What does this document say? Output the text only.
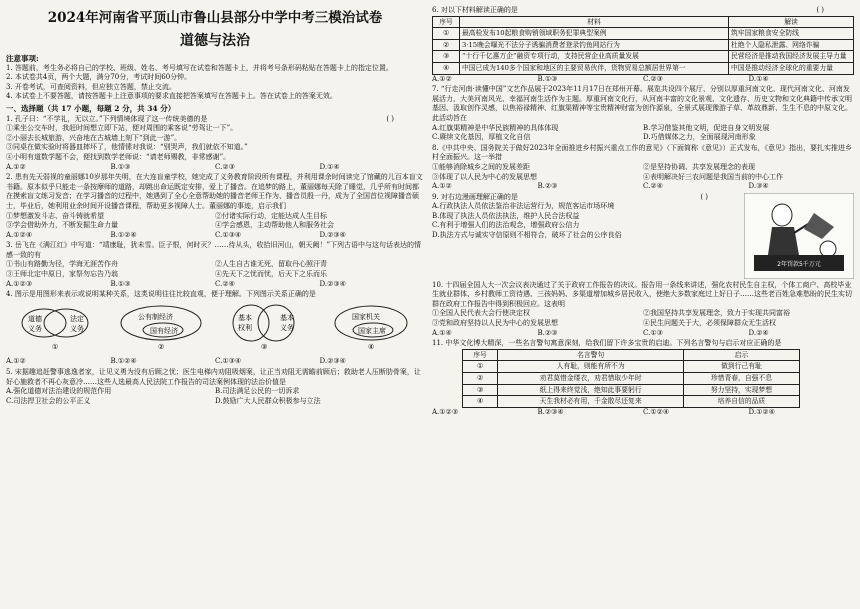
2024年河南省平顶山市鲁山县部分中学中考三模治试卷
道德与法治
注意事项:
1. 答题前，考生务必将自己的学校、班级、姓名、考号填写在试卷和答题卡上，并将考号条形码粘贴在答题卡上的指定位置。
2. 本试卷共4页，两个大题，满分70分，考试时间60分钟。
3. 开卷考试，可查阅资料，但应独立答题，禁止交流。
4. 本试卷上不要答题，请按答题卡上注意事项的要求直接把答案填写在答题卡上。答在试卷上的答案无效。
一、选择题（共 17 小题，每题 2 分，共 34 分）
1. 孔子曰：“不学礼，无以立。”下列情境体现了这一传统美德的是	( )
①乘坐公交车时，我赶时间想立即下站，便对周围的乘客说“劳驾让一下”。
②小丽去长城旅游，兴奋地在古城墙上刻下“到此一游”。
③同桌在做实验时将器皿摔坏了，他情愫对我说：“别哭声，我们就依不知道。”
④小明有道数学题不会，便找到数学老师说：“请老师赐教，非常感谢”。
A.①②	B.①③	C.②③	D.①④
2. 患有先天弱视的童丽娜10岁那年失明，在大连盲童学校，她完成了义务教育阶段所有课程，并利用课余时间读完了馆藏的儿百本盲文书籍。原本似乎只能走一条按摩师的道路，却跳出命运既定安排，爱上了播音。在追梦的路上，董丽娜每天除了睡觉，几乎所有时间都在摸索盲文练习发音；在学习播音的过程中，她遇到了全心全意帮助她的播音老师王作为、播音员殷一丹，成为了全国首位视障播音硕士，毕业后，她利用业余时间开设播音课程，帮助更多视障人士。董丽娜的事迹，启示我们
①梦想激发斗志、奋斗铸就希望	②付诸实际行动，定能达成人生目标
③学会借助外力，不断发掘生命力量	④学会感恩，主动帮助他人和服务社会
A.①②④	B.①②④	C.①③④	D.②③④
3. 岳飞在《满江红》中写道：“靖康耻，犹未雪。臣子恨，何时灭？……待从头，收拾旧河山，朝天阙！”下列古语中与这句话表达的情感一致的有
①书山有路勤为径，学海无涯苦作舟	②人生自古谁无死，留取丹心照汗青
③王师北定中原日，家祭勿忘告乃翁	④先天下之忧而忧，后天下之乐而乐
A.①②③	B.①③	C.②④	D.②③④
4. 图示是用图形来表示或说明某种关系，这类说明往往比较直观，便于理解。下列图示关系正确的是
道德
义务
法定
义务
①
公有制经济
国有经济
②
基本
权利
基本
义务
③
国家机关
国家主席
④
A.①②	B.①②④	C.①③④	D.②③④
5. 宋据趣追赶警事逃逸者家，让见义勇为没有后顾之忧；医生电梯内劝阻吸烟案，让正当劝阻无需瞻前顾后；救助老人压断肋骨案，让好心施救者不再心灰意冷……这些人选最高人民法院工作报告的司法案例体现的法治价值是
A.强化道德对法治建设的规范作用	B.司法满足公民的一切诉求
C.司法捍卫社会的公平正义	D.鼓励广大人民群众积极参与立法
6. 对以下材料解读正确的是	( )
序号	材料	解读
①	最高检发布10起粮食购销领域职务犯罪典型案例	筑牢国家粮食安全防线
②	3·15晚会曝光不法分子诱骗消费者登录钓鱼网站行为	杜绝个人隐私泄露、网络诈骗
③	“十行千亿惠万企”融资专项行动，支持民营企业高质量发展	民营经济是推动我国经济发展主导力量
④	中国已成为140多个国家和地区的主要贸易伙伴，货物贸易总额居世界第一	中国是推动经济全球化的重要力量
A.①②	B.①③	C.②③	D.①④
7. “行走河南·读懂中国”文艺作品展于2023年11月17日在郑州开幕。展览共设四个展厅、分别以厚重河南文化、现代河南文化、河南发展活力、大美河南风光、幸福河南生活作为主题。厚重河南文化行，从河南丰富的文化景观、文化遗存、历史文物和文化典籍中传承文明基因、汲取创作灵感，以焦裕禄精神、红旗渠精神等宝贵精神财富为创作源泉，全景式展现豫游子草、革故鼎新、生生不息的中原文化。此活动旨在
A.红旗渠精神是中华民族精神的具体体现	B.学习借鉴其他文明，促进自身文明发展
C.赓续文化基因，厚植文化自信	D.巧借媒体之力，全面展现河南形象
8.《中共中央、国务院关于做好2023年全面推进乡村振兴重点工作的意见》（下面简称《意见》）正式发布，《意见》指出，要扎实推进乡村全面振兴。这一举措
①能够消除城乡之间的发展差距	②是坚持协调、共享发展理念的表现
③体现了以人民为中心的发展思想	④表明解决好三农问题是我国当前的中心工作
A.①②	B.②③	C.②④	D.③④
2年罚款5千万元
9. 对右边漫画理解正确的是	( )
A.行政执法人员依法鉴治非法运营行为，规范客运市场环境
B.体现了执法人员依法执法，维护人民合法权益
C.有利于增强人们的法治观念，增强政府公信力
D.执法方式与诚实守信原则不相符合，破坏了社会的公序良俗
10. 十四届全国人大一次会议表决通过了关于政府工作报告的决议。报告用一条线来讲述，强化农村民生自主权，个体工商户、高校毕业生就业群体、乡村教师工资待遇、三孩妈妈、多渠道增加城乡居民收入，使绝大多数家庭过上好日子……这些老百姓急难愁盼的民生实切群在政府工作报告中得到积极回应。这表明
①全国人民代表大会行使决定权	②我国坚持共享发展理念，致力于实现共同富裕
③党和政府坚持以人民为中心的发展思想	④民生问题关于大，必须保障群众无生活权
A.①④	B.②③	C.①③	D.②④
11. 中华文化博大精深，一些名言警句寓意深刻，给我们留下许多宝贵的启迪。下列名言警句与启示对应正确的是
序号	名言警句	启示
①	人有耻，则能有所不为	做到行己有耻
②	劝君莫惜金缕衣，劝君惜取少年时	珍惜青春，自强不息
③	纸上得来终觉浅，绝知此事要躬行	努力坚持，实现梦想
④	天生我材必有用，千金散尽还复来	培养自信的品质
A.①②③	B.②③④	C.①②④	D.①②④
